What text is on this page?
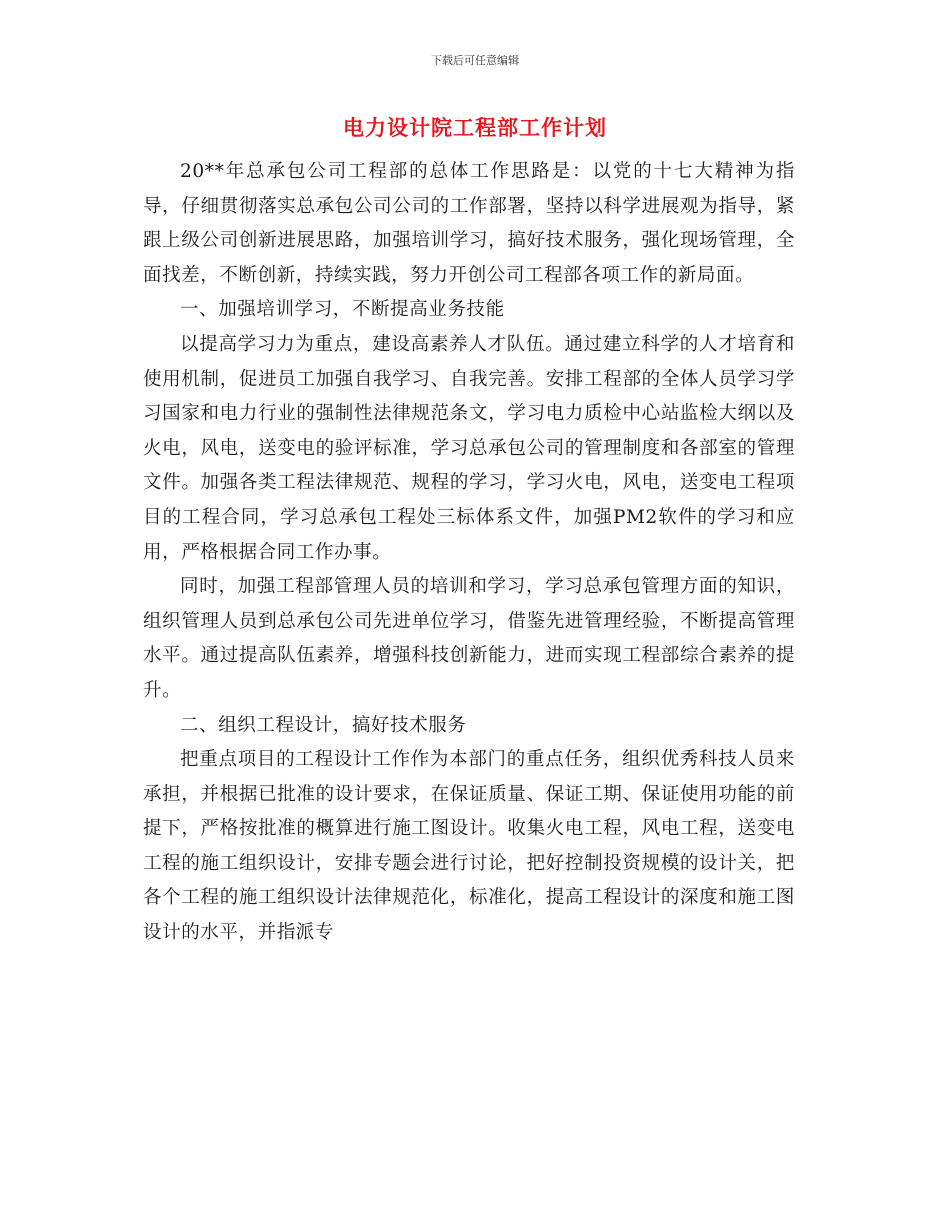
下载后可任意编辑
电力设计院工程部工作计划

20**年总承包公司工程部的总体工作思路是：以党的十七大精神为指导，仔细贯彻落实总承包公司公司的工作部署，坚持以科学进展观为指导，紧跟上级公司创新进展思路，加强培训学习，搞好技术服务，强化现场管理，全面找差，不断创新，持续实践，努力开创公司工程部各项工作的新局面。

一、加强培训学习，不断提高业务技能

以提高学习力为重点，建设高素养人才队伍。通过建立科学的人才培育和使用机制，促进员工加强自我学习、自我完善。安排工程部的全体人员学习学习国家和电力行业的强制性法律规范条文，学习电力质检中心站监检大纲以及火电，风电，送变电的验评标准，学习总承包公司的管理制度和各部室的管理文件。加强各类工程法律规范、规程的学习，学习火电，风电，送变电工程项目的工程合同，学习总承包工程处三标体系文件，加强PM2软件的学习和应用，严格根据合同工作办事。

同时，加强工程部管理人员的培训和学习，学习总承包管理方面的知识，组织管理人员到总承包公司先进单位学习，借鉴先进管理经验，不断提高管理水平。通过提高队伍素养，增强科技创新能力，进而实现工程部综合素养的提升。

二、组织工程设计，搞好技术服务

把重点项目的工程设计工作作为本部门的重点任务，组织优秀科技人员来承担，并根据已批准的设计要求，在保证质量、保证工期、保证使用功能的前提下，严格按批准的概算进行施工图设计。收集火电工程，风电工程，送变电工程的施工组织设计，安排专题会进行讨论，把好控制投资规模的设计关，把各个工程的施工组织设计法律规范化，标准化，提高工程设计的深度和施工图设计的水平，并指派专
